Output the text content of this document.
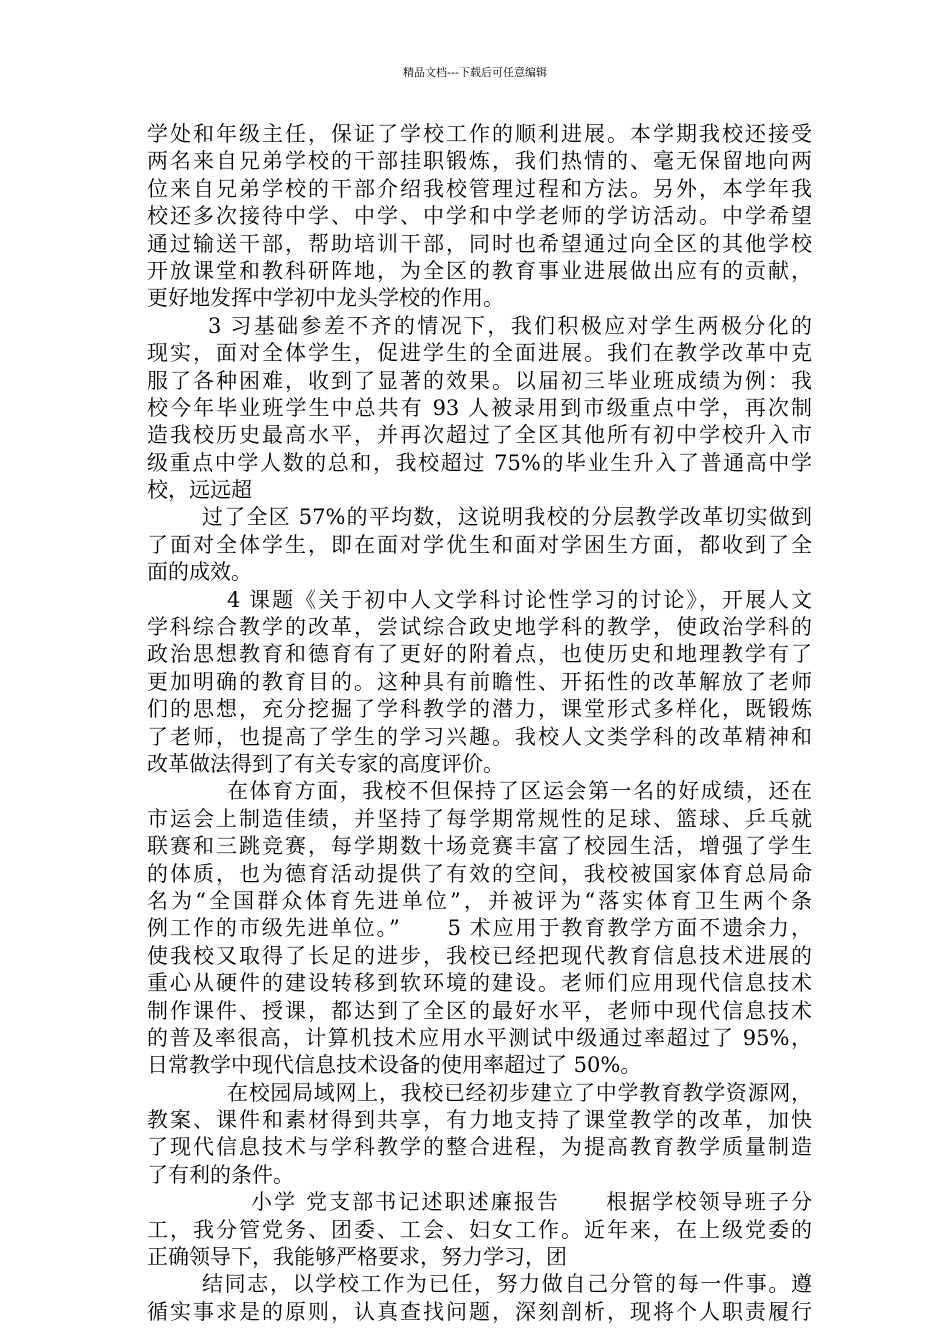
精品文档---下载后可任意编辑
学处和年级主任，保证了学校工作的顺利进展。本学期我校还接受
两名来自兄弟学校的干部挂职锻炼，我们热情的、毫无保留地向两
位来自兄弟学校的干部介绍我校管理过程和方法。另外，本学年我
校还多次接待中学、中学、中学和中学老师的学访活动。中学希望
通过输送干部，帮助培训干部，同时也希望通过向全区的其他学校
开放课堂和教科研阵地，为全区的教育事业进展做出应有的贡献，
更好地发挥中学初中龙头学校的作用。
3 习基础参差不齐的情况下，我们积极应对学生两极分化的
现实，面对全体学生，促进学生的全面进展。我们在教学改革中克
服了各种困难，收到了显著的效果。以届初三毕业班成绩为例：我
校今年毕业班学生中总共有 93 人被录用到市级重点中学，再次制
造我校历史最高水平，并再次超过了全区其他所有初中学校升入市
级重点中学人数的总和，我校超过 75%的毕业生升入了普通高中学
校，远远超
过了全区 57%的平均数，这说明我校的分层教学改革切实做到
了面对全体学生，即在面对学优生和面对学困生方面，都收到了全
面的成效。
4 课题《关于初中人文学科讨论性学习的讨论》，开展人文
学科综合教学的改革，尝试综合政史地学科的教学，使政治学科的
政治思想教育和德育有了更好的附着点，也使历史和地理教学有了
更加明确的教育目的。这种具有前瞻性、开拓性的改革解放了老师
们的思想，充分挖掘了学科教学的潜力，课堂形式多样化，既锻炼
了老师，也提高了学生的学习兴趣。我校人文类学科的改革精神和
改革做法得到了有关专家的高度评价。
在体育方面，我校不但保持了区运会第一名的好成绩，还在
市运会上制造佳绩，并坚持了每学期常规性的足球、篮球、乒乓就
联赛和三跳竞赛，每学期数十场竞赛丰富了校园生活，增强了学生
的体质，也为德育活动提供了有效的空间，我校被国家体育总局命
名为“全国群众体育先进单位”，并被评为“落实体育卫生两个条
例工作的市级先进单位。”　　5 术应用于教育教学方面不遗余力，
使我校又取得了长足的进步，我校已经把现代教育信息技术进展的
重心从硬件的建设转移到软环境的建设。老师们应用现代信息技术
制作课件、授课，都达到了全区的最好水平，老师中现代信息技术
的普及率很高，计算机技术应用水平测试中级通过率超过了 95%，
日常教学中现代信息技术设备的使用率超过了 50%。
在校园局域网上，我校已经初步建立了中学教育教学资源网，
教案、课件和素材得到共享，有力地支持了课堂教学的改革，加快
了现代信息技术与学科教学的整合进程，为提高教育教学质量制造
了有利的条件。
小学 党支部书记述职述廉报告　　根据学校领导班子分
工，我分管党务、团委、工会、妇女工作。近年来，在上级党委的
正确领导下，我能够严格要求，努力学习，团
结同志，以学校工作为已任，努力做自己分管的每一件事。遵
循实事求是的原则，认真查找问题，深刻剖析，现将个人职责履行
